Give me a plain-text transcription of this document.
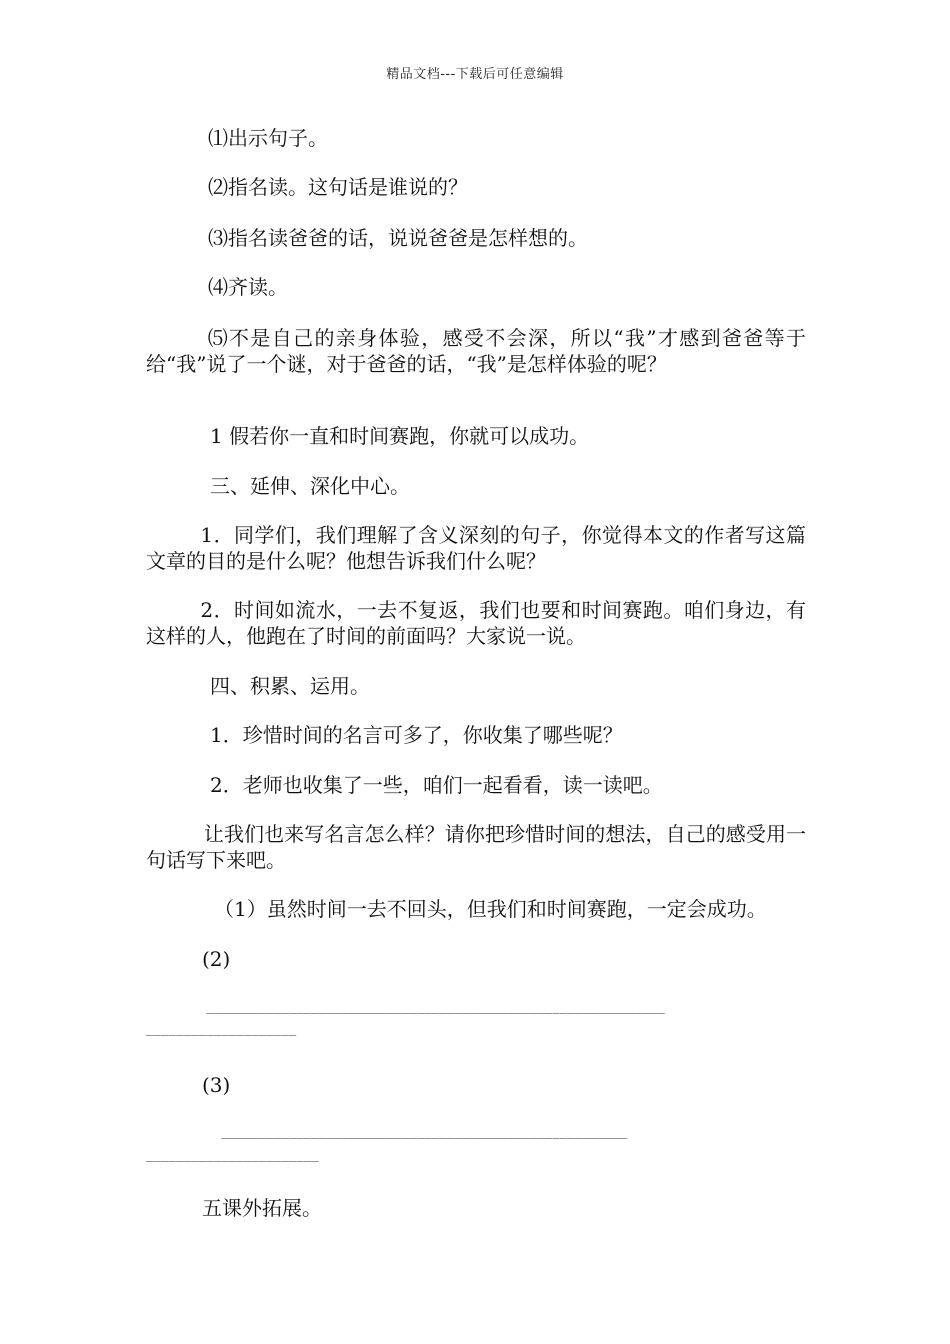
精品文档---下载后可任意编辑
⑴出示句子。
⑵指名读。这句话是谁说的？
⑶指名读爸爸的话，说说爸爸是怎样想的。
⑷齐读。
⑸不是自己的亲身体验，感受不会深，所以“我”才感到爸爸等于给“我”说了一个谜，对于爸爸的话，“我”是怎样体验的呢？
1 假若你一直和时间赛跑，你就可以成功。
三、延伸、深化中心。
1．同学们，我们理解了含义深刻的句子，你觉得本文的作者写这篇文章的目的是什么呢？他想告诉我们什么呢？
2．时间如流水，一去不复返，我们也要和时间赛跑。咱们身边，有这样的人，他跑在了时间的前面吗？大家说一说。
四、积累、运用。
1．珍惜时间的名言可多了，你收集了哪些呢？
2．老师也收集了一些，咱们一起看看，读一读吧。
让我们也来写名言怎么样？请你把珍惜时间的想法，自己的感受用一句话写下来吧。
（1）虽然时间一去不回头，但我们和时间赛跑，一定会成功。
(2)
_____________________________________________________________
____________________
(3)
______________________________________________________
_______________________
五课外拓展。
